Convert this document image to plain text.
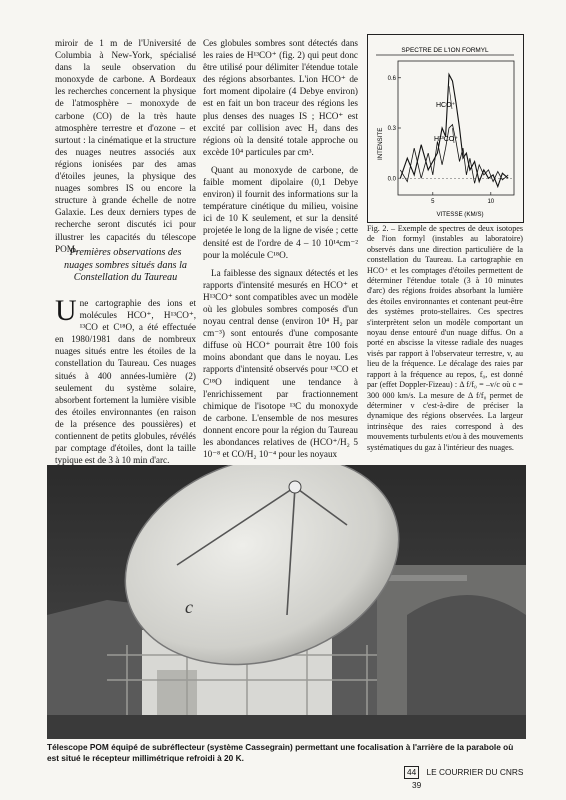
miroir de 1 m de l'Université de Columbia à New-York, spécialisé dans la seule observation du monoxyde de carbone. A Bordeaux les recherches concernent la physique de l'atmosphère – monoxyde de carbone (CO) de la très haute atmosphère terrestre et d'ozone – et surtout : la cinématique et la structure des nuages neutres associés aux régions ionisées par des amas d'étoiles jeunes, la physique des nuages sombres IS ou encore la structure à grande échelle de notre Galaxie. Les deux derniers types de recherche seront discutés ici pour illustrer les capacités du télescope POM.

Premières observations des nuages sombres situés dans la Constellation du Taureau

Une cartographie des ions et molécules HCO⁺, H¹³CO⁺, ¹³CO et C¹⁸O, a été effectuée en 1980/1981 dans de nombreux nuages situés entre les étoiles de la constellation du Taureau. Ces nuages situés à 400 années-lumière (2) seulement du système solaire, absorbent fortement la lumière visible des étoiles environnantes (en raison de la présence des poussières) et contiennent de petits globules, révélés par comptage d'étoiles, dont la taille typique est de 3 à 10 min d'arc.

Ces globules sombres sont détectés dans les raies de H¹³CO⁺ (fig. 2) qui peut donc être utilisé pour délimiter l'étendue totale des régions absorbantes. L'ion HCO⁺ de fort moment dipolaire (4 Debye environ) est en fait un bon traceur des régions les plus denses des nuages IS ; HCO⁺ est excité par collision avec H₂ dans des régions où la densité totale approche ou excède 10⁴ particules par cm³.

Quant au monoxyde de carbone, de faible moment dipolaire (0,1 Debye environ) il fournit des informations sur la température cinétique du milieu, voisine ici de 10 K seulement, et sur la densité projetée le long de la ligne de visée ; cette densité est de l'ordre de 4 – 10 10¹⁴cm⁻² pour la molécule C¹⁸O.

La faiblesse des signaux détectés et les rapports d'intensité mesurés en HCO⁺ et H¹³CO⁺ sont compatibles avec un modèle où les globules sombres composés d'un noyau central dense (environ 10⁴ H₂ par cm⁻³) sont entourés d'une composante diffuse où HCO⁺ pourrait être 100 fois moins abondant que dans le noyau. Les rapports d'intensité observés pour ¹³CO et C¹⁸O indiquent une tendance à l'enrichissement par fractionnement chimique de l'isotope ¹³C du monoxyde de carbone. L'ensemble de nos mesures donnent encore pour la région du Taureau les abondances relatives de (HCO⁺/H₂ 5 10⁻⁸ et CO/H₂ 10⁻⁴ pour les noyaux

SPECTRE DE L'ION FORMYL
INTENSITE
VITESSE (KM/S)
0.6
0.3
0.0
5	10
HCO⁺
H¹³CO⁺
Fig. 2. – Exemple de spectres de deux isotopes de l'ion formyl (instables au laboratoire) observés dans une direction particulière de la constellation du Taureau. La cartographie en HCO⁺ et les comptages d'étoiles permettent de déterminer l'étendue totale (3 à 10 minutes d'arc) des régions froides absorbant la lumière des étoiles environnantes et contenant peut-être des systèmes proto-stellaires. Ces spectres s'interprètent selon un modèle comportant un noyau dense entouré d'un nuage diffus. On a porté en abscisse la vitesse radiale des nuages visés par rapport à l'observateur terrestre, v, au lieu de la fréquence. Le décalage des raies par rapport à la fréquence au repos, f₀, est donné par (effet Doppler-Fizeau) : Δ f/f₀ = –v/c où c = 300 000 km/s. La mesure de Δ f/f₀ permet de déterminer v c'est-à-dire de préciser la dynamique des régions observées. La largeur intrinsèque des raies correspond à des mouvements turbulents et/ou à des mouvements systématiques du gaz à l'intérieur des nuages.
c
Télescope POM équipé de subréflecteur (système Cassegrain) permettant une focalisation à l'arrière de la parabole où est situé le récepteur millimétrique refroidi à 20 K.
44 LE COURRIER DU CNRS 39
